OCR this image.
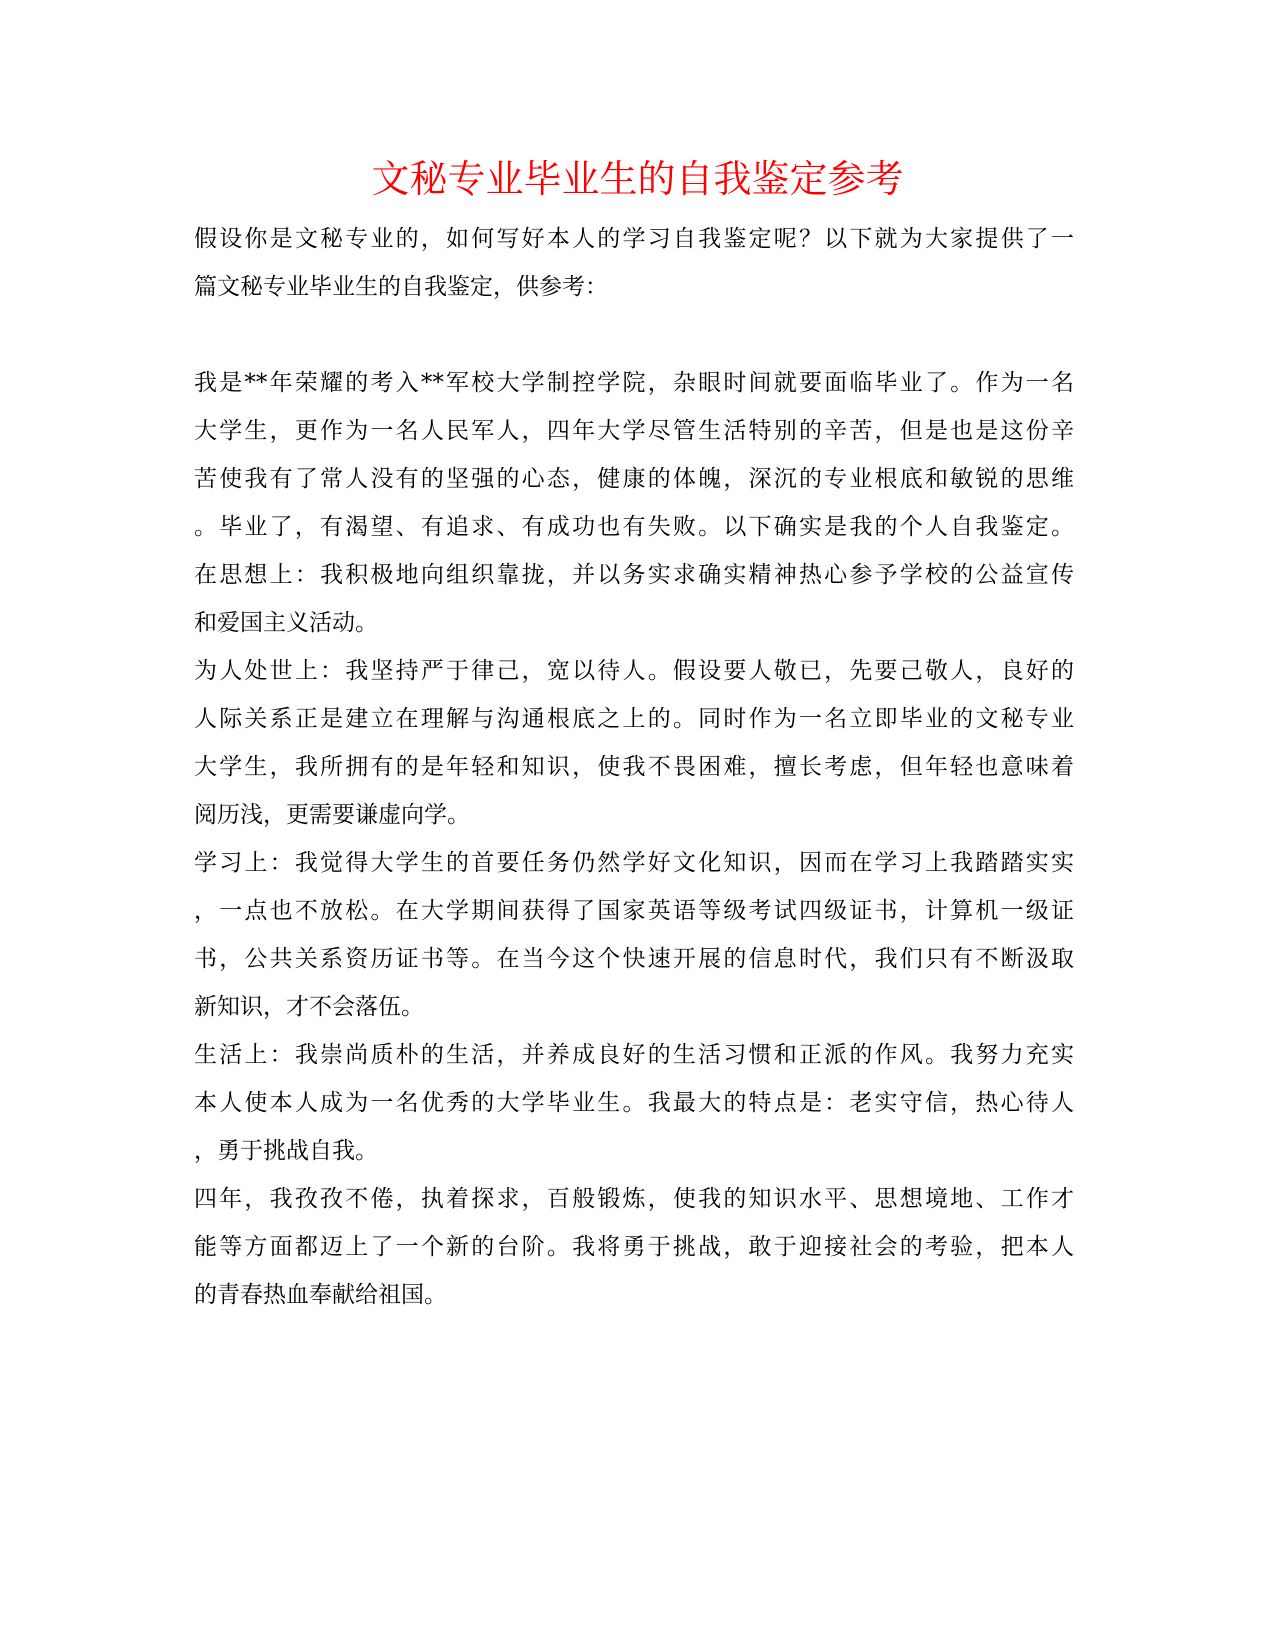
文秘专业毕业生的自我鉴定参考
假设你是文秘专业的，如何写好本人的学习自我鉴定呢？以下就为大家提供了一
篇文秘专业毕业生的自我鉴定，供参考：
我是**年荣耀的考入**军校大学制控学院，杂眼时间就要面临毕业了。作为一名
大学生，更作为一名人民军人，四年大学尽管生活特别的辛苦，但是也是这份辛
苦使我有了常人没有的坚强的心态，健康的体魄，深沉的专业根底和敏锐的思维
。毕业了，有渴望、有追求、有成功也有失败。以下确实是我的个人自我鉴定。
在思想上：我积极地向组织靠拢，并以务实求确实精神热心参予学校的公益宣传
和爱国主义活动。
为人处世上：我坚持严于律己，宽以待人。假设要人敬已，先要己敬人，良好的
人际关系正是建立在理解与沟通根底之上的。同时作为一名立即毕业的文秘专业
大学生，我所拥有的是年轻和知识，使我不畏困难，擅长考虑，但年轻也意味着
阅历浅，更需要谦虚向学。
学习上：我觉得大学生的首要任务仍然学好文化知识，因而在学习上我踏踏实实
，一点也不放松。在大学期间获得了国家英语等级考试四级证书，计算机一级证
书，公共关系资历证书等。在当今这个快速开展的信息时代，我们只有不断汲取
新知识，才不会落伍。
生活上：我崇尚质朴的生活，并养成良好的生活习惯和正派的作风。我努力充实
本人使本人成为一名优秀的大学毕业生。我最大的特点是：老实守信，热心待人
，勇于挑战自我。
四年，我孜孜不倦，执着探求，百般锻炼，使我的知识水平、思想境地、工作才
能等方面都迈上了一个新的台阶。我将勇于挑战，敢于迎接社会的考验，把本人
的青春热血奉献给祖国。
